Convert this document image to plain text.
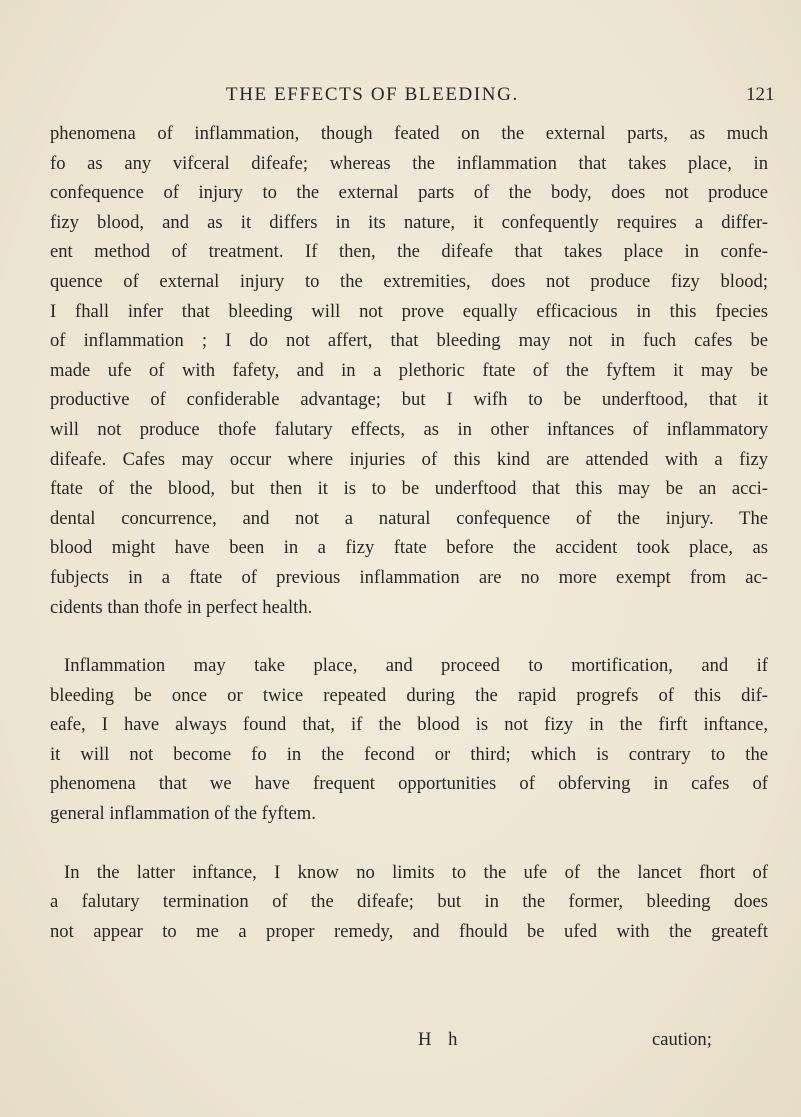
THE EFFECTS OF BLEEDING.	121
phenomena of inflammation, though feated on the external parts, as much
fo as any vifceral difeafe; whereas the inflammation that takes place, in
confequence of injury to the external parts of the body, does not produce
fizy blood, and as it differs in its nature, it confequently requires a differ-
ent method of treatment. If then, the difeafe that takes place in confe-
quence of external injury to the extremities, does not produce fizy blood;
I fhall infer that bleeding will not prove equally efficacious in this fpecies
of inflammation ; I do not affert, that bleeding may not in fuch cafes be
made ufe of with fafety, and in a plethoric ftate of the fyftem it may be
productive of confiderable advantage; but I wifh to be underftood, that it
will not produce thofe falutary effects, as in other inftances of inflammatory
difeafe. Cafes may occur where injuries of this kind are attended with a fizy
ftate of the blood, but then it is to be underftood that this may be an acci-
dental concurrence, and not a natural confequence of the injury. The
blood might have been in a fizy ftate before the accident took place, as
fubjects in a ftate of previous inflammation are no more exempt from ac-
cidents than thofe in perfect health.
Inflammation may take place, and proceed to mortification, and if
bleeding be once or twice repeated during the rapid progrefs of this dif-
eafe, I have always found that, if the blood is not fizy in the firft inftance,
it will not become fo in the fecond or third; which is contrary to the
phenomena that we have frequent opportunities of obferving in cafes of
general inflammation of the fyftem.
In the latter inftance, I know no limits to the ufe of the lancet fhort of
a falutary termination of the difeafe; but in the former, bleeding does
not appear to me a proper remedy, and fhould be ufed with the greateft
H h	caution;
